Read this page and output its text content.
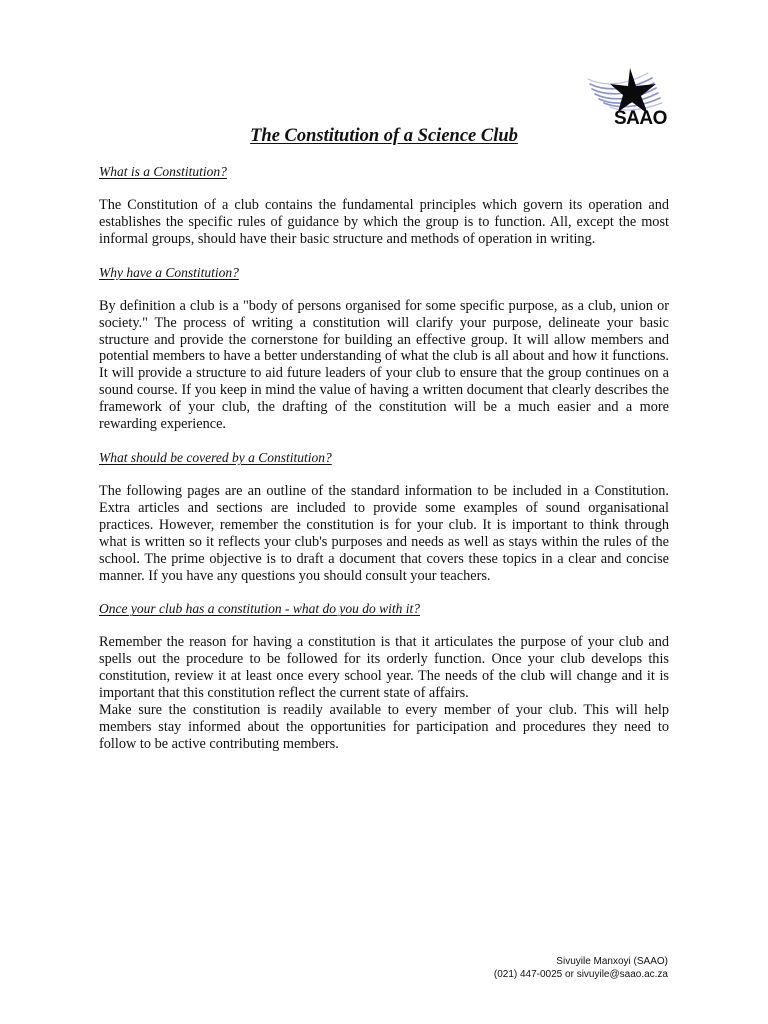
SAAO
The Constitution of a Science Club
What is a Constitution?

The Constitution of a club contains the fundamental principles which govern its operation and establishes the specific rules of guidance by which the group is to function. All, except the most informal groups, should have their basic structure and methods of operation in writing.

Why have a Constitution?

By definition a club is a "body of persons organised for some specific purpose, as a club, union or society." The process of writing a constitution will clarify your purpose, delineate your basic structure and provide the cornerstone for building an effective group. It will allow members and potential members to have a better understanding of what the club is all about and how it functions. It will provide a structure to aid future leaders of your club to ensure that the group continues on a sound course. If you keep in mind the value of having a written document that clearly describes the framework of your club, the drafting of the constitution will be a much easier and a more rewarding experience.

What should be covered by a Constitution?

The following pages are an outline of the standard information to be included in a Constitution. Extra articles and sections are included to provide some examples of sound organisational practices. However, remember the constitution is for your club. It is important to think through what is written so it reflects your club's purposes and needs as well as stays within the rules of the school. The prime objective is to draft a document that covers these topics in a clear and concise manner. If you have any questions you should consult your teachers.

Once your club has a constitution - what do you do with it?

Remember the reason for having a constitution is that it articulates the purpose of your club and spells out the procedure to be followed for its orderly function. Once your club develops this constitution, review it at least once every school year. The needs of the club will change and it is important that this constitution reflect the current state of affairs.

Make sure the constitution is readily available to every member of your club. This will help members stay informed about the opportunities for participation and procedures they need to follow to be active contributing members.

Sivuyile Manxoyi (SAAO)
(021) 447-0025 or sivuyile@saao.ac.za
